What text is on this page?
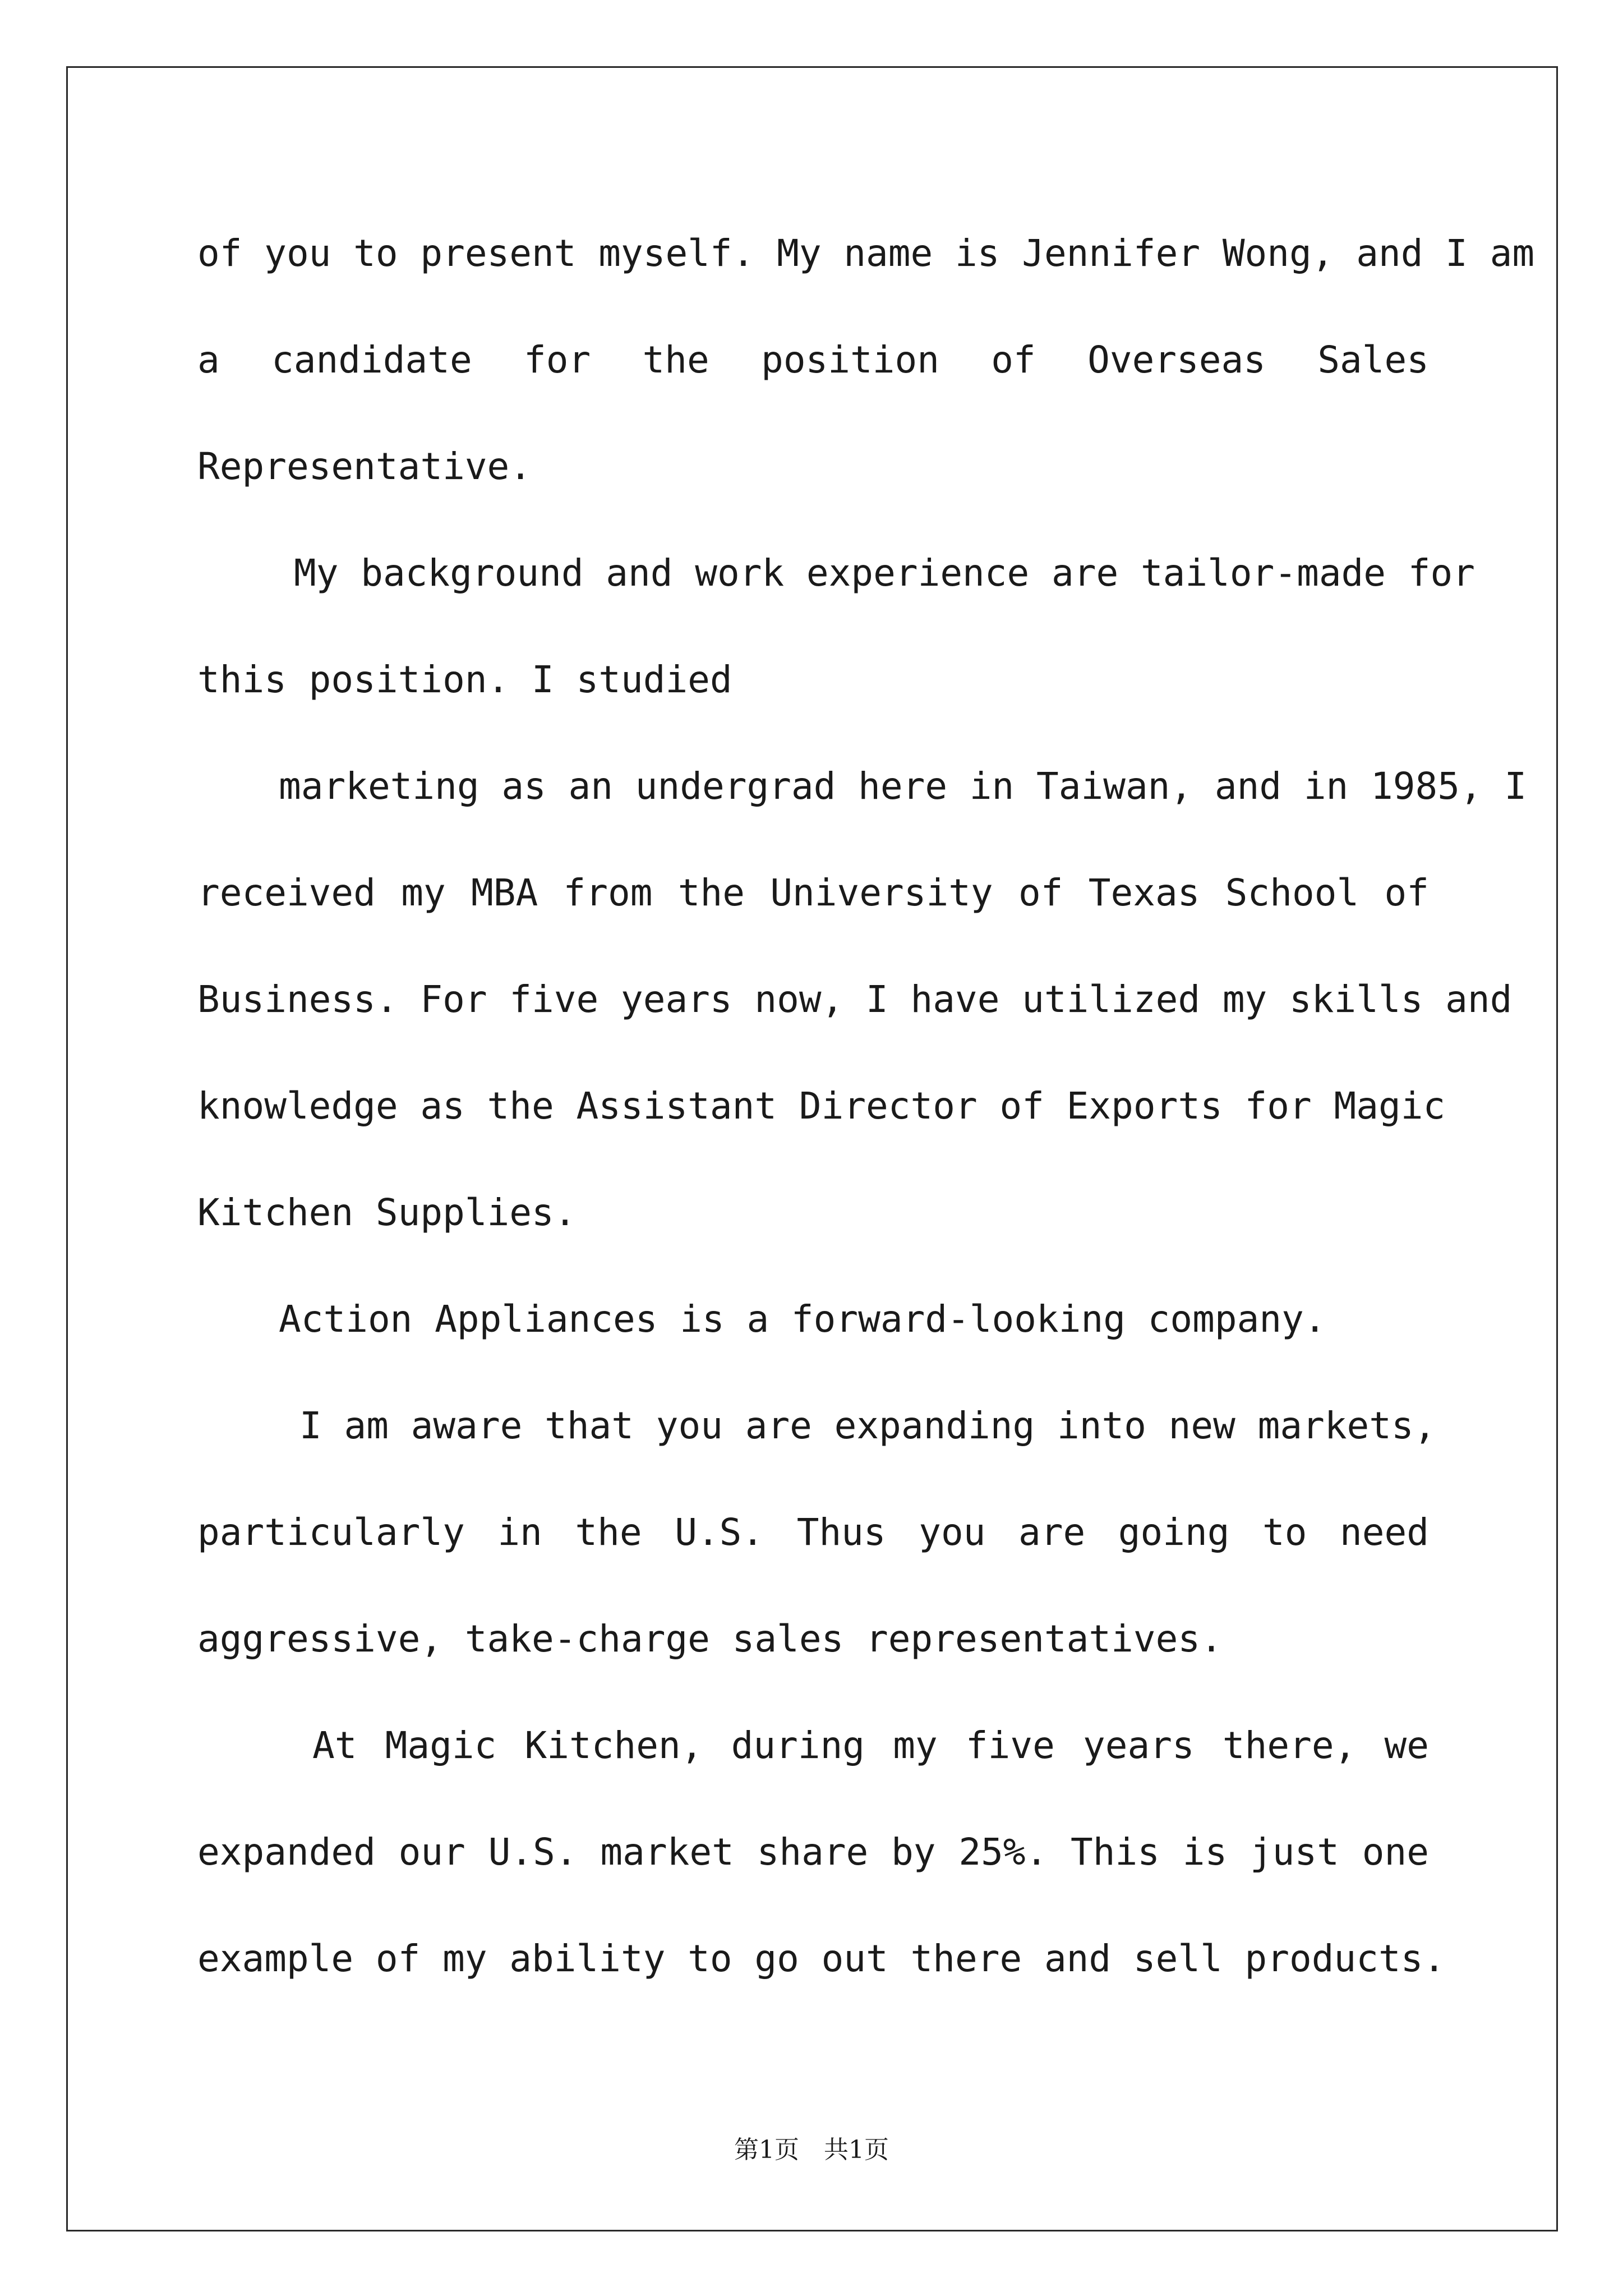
of you to present myself. My name is Jennifer Wong, and I am
a candidate for the position of Overseas Sales
Representative.
My background and work experience are tailor-made for
this position. I studied
marketing as an undergrad here in Taiwan, and in 1985, I
received my MBA from the University of Texas School of
Business. For five years now, I have utilized my skills and
knowledge as the Assistant Director of Exports for Magic
Kitchen Supplies.
Action Appliances is a forward-looking company.
I am aware that you are expanding into new markets,
particularly in the U.S. Thus you are going to need
aggressive, take-charge sales representatives.
At Magic Kitchen, during my five years there, we
expanded our U.S. market share by 25%. This is just one
example of my ability to go out there and sell products.
第1页　共1页
